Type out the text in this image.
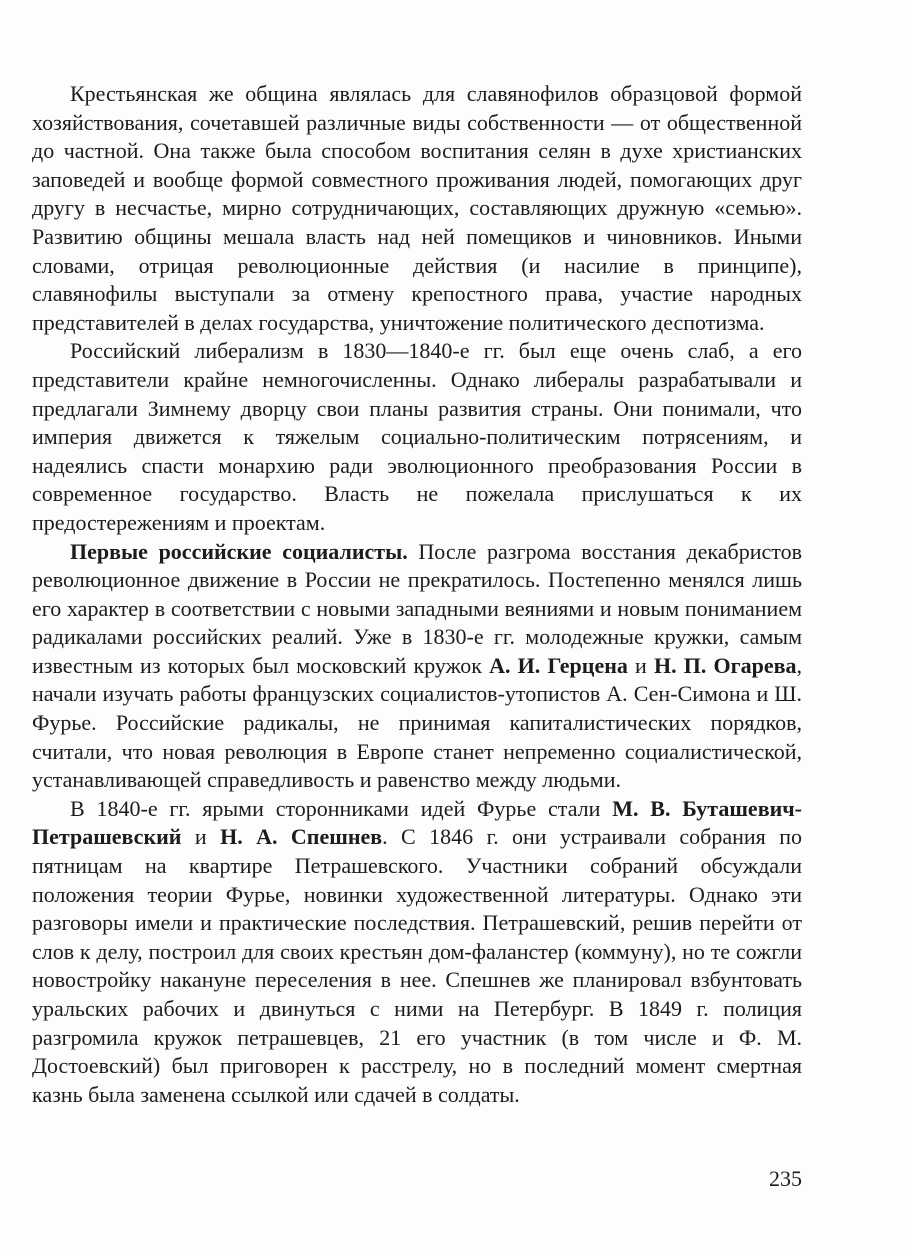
Крестьянская же община являлась для славянофилов образцовой формой хозяйствования, сочетавшей различные виды собственности — от общественной до частной. Она также была способом воспитания селян в духе христианских заповедей и вообще формой совместного проживания людей, помогающих друг другу в несчастье, мирно сотрудничающих, составляющих дружную «семью». Развитию общины мешала власть над ней помещиков и чиновников. Иными словами, отрицая революционные действия (и насилие в принципе), славянофилы выступали за отмену крепостного права, участие народных представителей в делах государства, уничтожение политического деспотизма.

Российский либерализм в 1830—1840-е гг. был еще очень слаб, а его представители крайне немногочисленны. Однако либералы разрабатывали и предлагали Зимнему дворцу свои планы развития страны. Они понимали, что империя движется к тяжелым социально-политическим потрясениям, и надеялись спасти монархию ради эволюционного преобразования России в современное государство. Власть не пожелала прислушаться к их предостережениям и проектам.

Первые российские социалисты. После разгрома восстания декабристов революционное движение в России не прекратилось. Постепенно менялся лишь его характер в соответствии с новыми западными веяниями и новым пониманием радикалами российских реалий. Уже в 1830-е гг. молодежные кружки, самым известным из которых был московский кружок А. И. Герцена и Н. П. Огарева, начали изучать работы французских социалистов-утопистов А. Сен-Симона и Ш. Фурье. Российские радикалы, не принимая капиталистических порядков, считали, что новая революция в Европе станет непременно социалистической, устанавливающей справедливость и равенство между людьми.

В 1840-е гг. ярыми сторонниками идей Фурье стали М. В. Буташевич-Петрашевский и Н. А. Спешнев. С 1846 г. они устраивали собрания по пятницам на квартире Петрашевского. Участники собраний обсуждали положения теории Фурье, новинки художественной литературы. Однако эти разговоры имели и практические последствия. Петрашевский, решив перейти от слов к делу, построил для своих крестьян дом-фаланстер (коммуну), но те сожгли новостройку накануне переселения в нее. Спешнев же планировал взбунтовать уральских рабочих и двинуться с ними на Петербург. В 1849 г. полиция разгромила кружок петрашевцев, 21 его участник (в том числе и Ф. М. Достоевский) был приговорен к расстрелу, но в последний момент смертная казнь была заменена ссылкой или сдачей в солдаты.

235
